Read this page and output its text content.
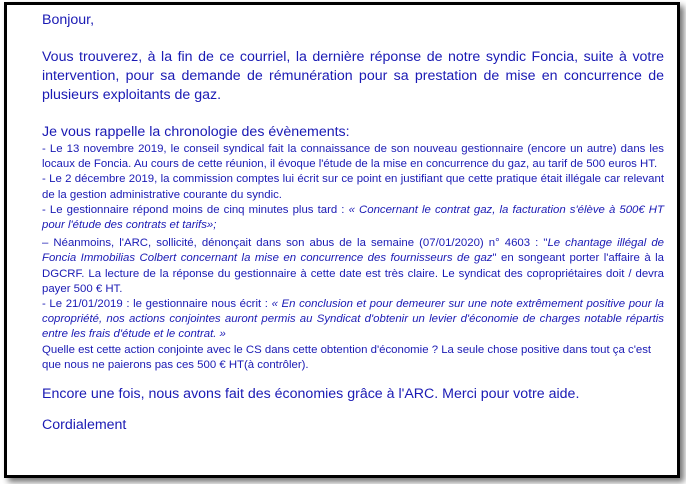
Bonjour,

Vous trouverez, à la fin de ce courriel, la dernière réponse de notre syndic Foncia, suite à votre intervention, pour sa demande de rémunération pour sa prestation de mise en concurrence de plusieurs exploitants de gaz.

Je vous rappelle la chronologie des évènements:

- Le 13 novembre 2019, le conseil syndical fait la connaissance de son nouveau gestionnaire (encore un autre) dans les locaux de Foncia. Au cours de cette réunion, il évoque l'étude de la mise en concurrence du gaz, au tarif de 500 euros HT.

- Le 2 décembre 2019, la commission comptes lui écrit sur ce point en justifiant que cette pratique était illégale car relevant de la gestion administrative courante du syndic.

- Le gestionnaire répond moins de cinq minutes plus tard : « Concernant le contrat gaz, la facturation s'élève à 500€ HT pour l'étude des contrats et tarifs»;

– Néanmoins, l'ARC, sollicité, dénonçait dans son abus de la semaine (07/01/2020) n° 4603 : "Le chantage illégal de Foncia Immobilias Colbert concernant la mise en concurrence des fournisseurs de gaz" en songeant porter l'affaire à la DGCRF. La lecture de la réponse du gestionnaire à cette date est très claire. Le syndicat des copropriétaires doit / devra payer 500 € HT.

- Le 21/01/2019 : le gestionnaire nous écrit : « En conclusion et pour demeurer sur une note extrêmement positive pour la copropriété, nos actions conjointes auront permis au Syndicat d'obtenir un levier d'économie de charges notable répartis entre les frais d'étude et le contrat. »

Quelle est cette action conjointe avec le CS dans cette obtention d'économie ? La seule chose positive dans tout ça c'est que nous ne paierons pas ces 500 € HT(à contrôler).

Encore une fois, nous avons fait des économies grâce à l'ARC. Merci pour votre aide.

Cordialement
